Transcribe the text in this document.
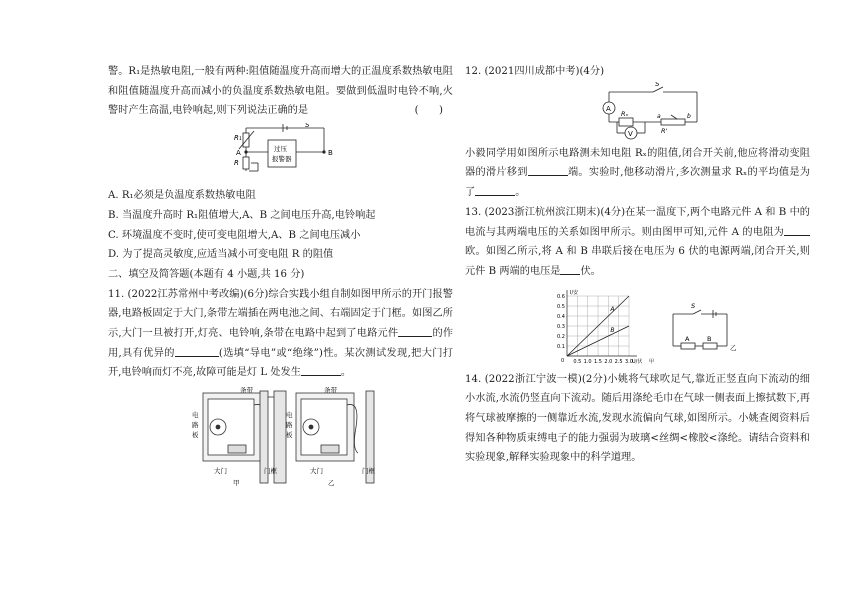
警。R₁是热敏电阻,一般有两种:阻值随温度升高而增大的正温度系数热敏电阻和阻值随温度升高而减小的负温度系数热敏电阻。要做到低温时电铃不响,火警时产生高温,电铃响起,则下列说法正确的是	(　　)

R₁
R
A	B
S
过压
报警器
A. R₁必须是负温度系数热敏电阻
B. 当温度升高时 R₁阻值增大,A、B 之间电压升高,电铃响起
C. 环境温度不变时,使可变电阻增大,A、B 之间电压减小
D. 为了提高灵敏度,应适当减小可变电阻 R 的阻值
二、填空及简答题(本题有 4 小题,共 16 分)

11. (2022江苏常州中考改编)(6分)综合实践小组自制如图甲所示的开门报警器,电路板固定于大门,条带左端插在两电池之间、右端固定于门框。如图乙所示,大门一旦被打开,灯亮、电铃响,条带在电路中起到了电路元件	的作用,具有优异的	(选填“导电”或“绝缘”)性。某次测试发现,把大门打开,电铃响而灯不亮,故障可能是灯 L 处发生	。

条带
电
路
板
大门	门框
甲
条带
电
路
板
大门	门框
乙

12. (2021四川成都中考)(4分)

A
V
S
Rₓ
R'
a	b

小毅同学用如图所示电路测未知电阻 Rₓ的阻值,闭合开关前,他应将滑动变阻器的滑片移到	端。实验时,他移动滑片,多次测量求 Rₓ的平均值是为了	。

13. (2023浙江杭州滨江期末)(4分)在某一温度下,两个电路元件 A 和 B 中的电流与其两端电压的关系如图甲所示。则由图甲可知,元件 A 的电阻为欧。如图乙所示,将 A 和 B 串联后接在电压为 6 伏的电源两端,闭合开关,则元件 B 两端的电压是 伏。

0.5 1.0 1.5 2.0 2.5 3.0
0.1
0.2
0.3
0.4
0.5
0.6
0	U/伏
I/安
甲
A
B
S
A	B
乙

14. (2022浙江宁波一模)(2分)小姚将气球吹足气,靠近正竖直向下流动的细小水流,水流仍竖直向下流动。随后用涤纶毛巾在气球一侧表面上擦拭数下,再将气球被摩擦的一侧靠近水流,发现水流偏向气球,如图所示。小姚查阅资料后得知各种物质束缚电子的能力强弱为玻璃<丝绸<橡胶<涤纶。请结合资料和实验现象,解释实验现象中的科学道理。
